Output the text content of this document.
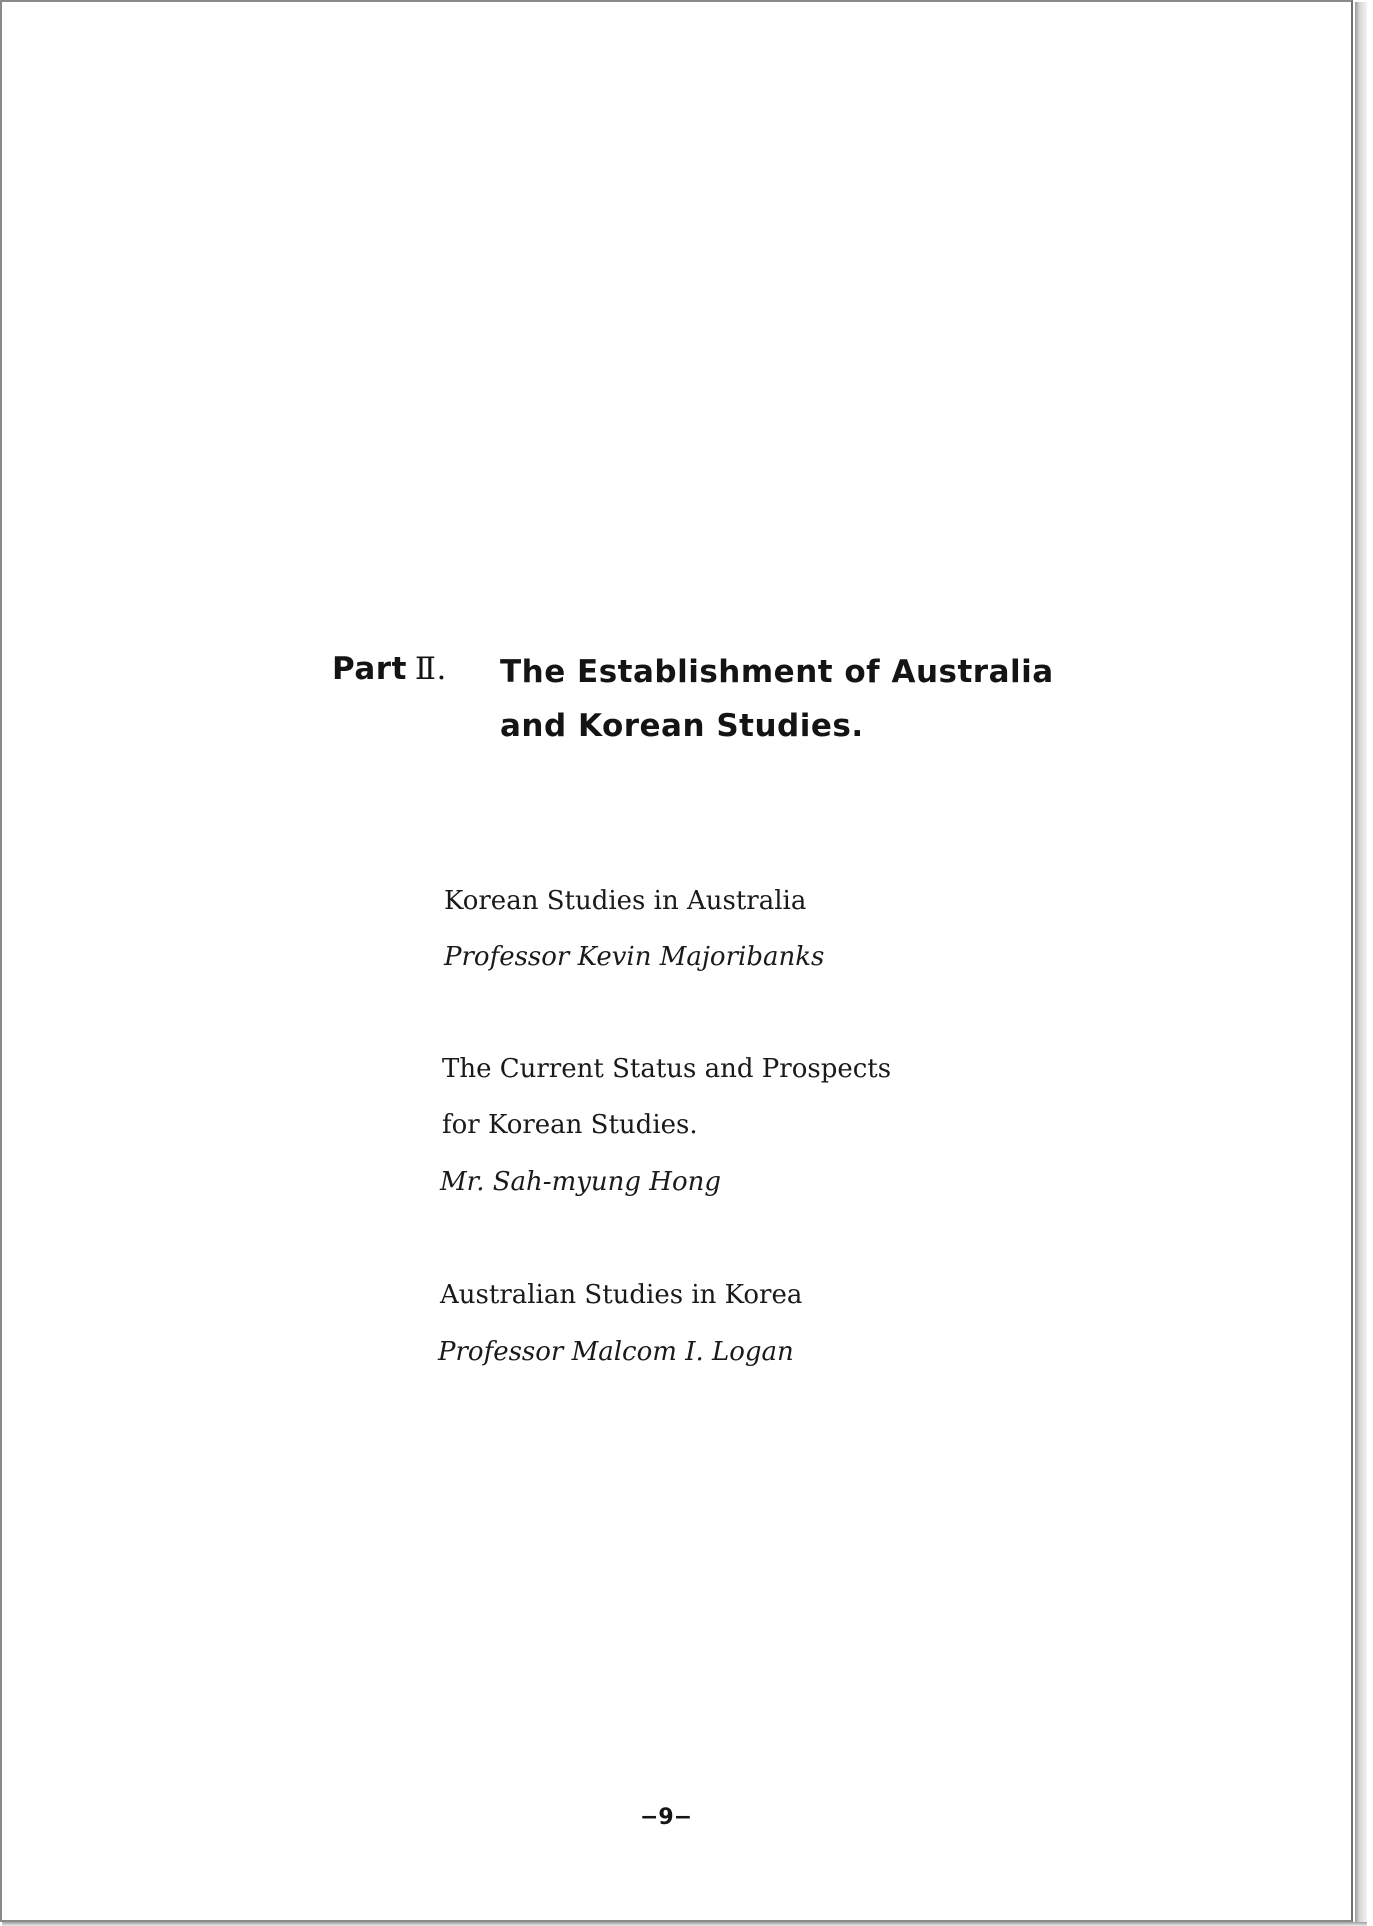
Part Ⅱ. The Establishment of Australia
and Korean Studies.
Korean Studies in Australia
Professor Kevin Majoribanks
The Current Status and Prospects
for Korean Studies.
Mr. Sah-myung Hong
Australian Studies in Korea
Professor Malcom I. Logan
−9−
